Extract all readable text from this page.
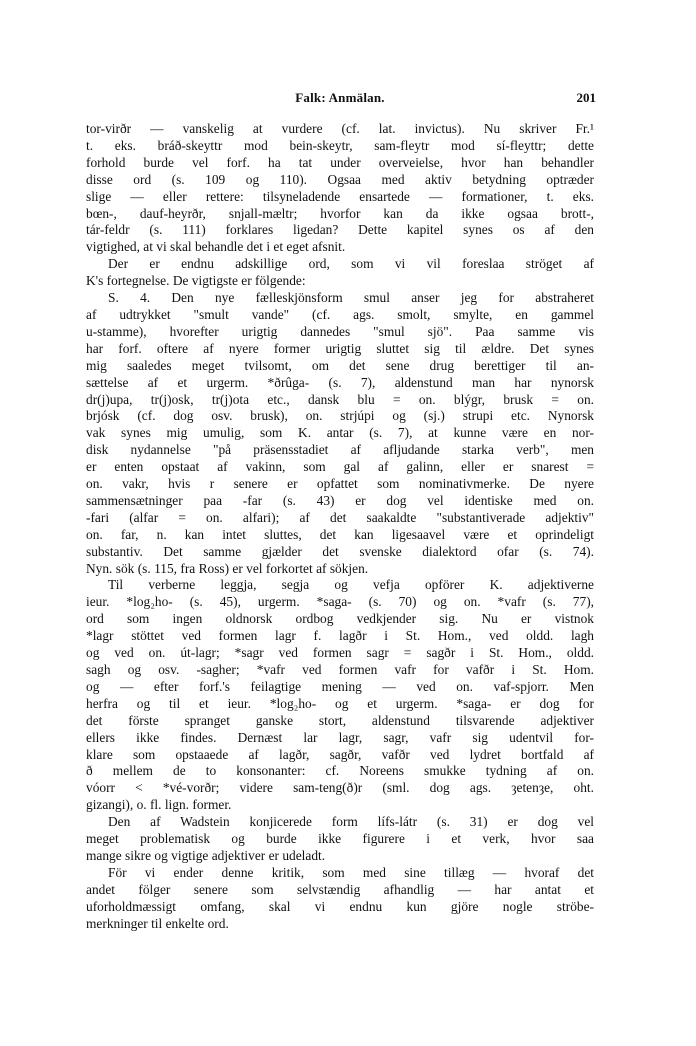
Falk: Anmälan.	201
tor-virðr — vanskelig at vurdere (cf. lat. invictus). Nu skriver Fr.¹
t. eks. bráð-skeyttr mod bein-skeytr, sam-fleytr mod sí-fleyttr; dette
forhold burde vel forf. ha tat under overveielse, hvor han behandler
disse ord (s. 109 og 110). Ogsaa med aktiv betydning optræder
slige — eller rettere: tilsyneladende ensartede — formationer, t. eks.
bœn-, dauf-heyrðr, snjall-mæltr; hvorfor kan da ikke ogsaa brott-,
tár-feldr (s. 111) forklares ligedan? Dette kapitel synes os af den
vigtighed, at vi skal behandle det i et eget afsnit.
Der er endnu adskillige ord, som vi vil foreslaa ströget af
K's fortegnelse. De vigtigste er fölgende:
S. 4. Den nye fælleskjönsform smul anser jeg for abstraheret
af udtrykket "smult vande" (cf. ags. smolt, smylte, en gammel
u-stamme), hvorefter urigtig dannedes "smul sjö". Paa samme vis
har forf. oftere af nyere former urigtig sluttet sig til ældre. Det synes
mig saaledes meget tvilsomt, om det sene drug berettiger til an-
sættelse af et urgerm. *ðrûga- (s. 7), aldenstund man har nynorsk
dr(j)upa, tr(j)osk, tr(j)ota etc., dansk blu = on. blýgr, brusk = on.
brjósk (cf. dog osv. brusk), on. strjúpi og (sj.) strupi etc. Nynorsk
vak synes mig umulig, som K. antar (s. 7), at kunne være en nor-
disk nydannelse "på präsensstadiet af afljudande starka verb", men
er enten opstaat af vakinn, som gal af galinn, eller er snarest =
on. vakr, hvis r senere er opfattet som nominativmerke. De nyere
sammensætninger paa -far (s. 43) er dog vel identiske med on.
-fari (alfar = on. alfari); af det saakaldte "substantiverade adjektiv"
on. far, n. kan intet sluttes, det kan ligesaavel være et oprindeligt
substantiv. Det samme gjælder det svenske dialektord ofar (s. 74).
Nyn. sök (s. 115, fra Ross) er vel forkortet af sökjen.
Til verberne leggja, segja og vefja opförer K. adjektiverne
ieur. *log₂ho- (s. 45), urgerm. *saga- (s. 70) og on. *vafr (s. 77),
ord som ingen oldnorsk ordbog vedkjender sig. Nu er vistnok
*lagr stöttet ved formen lagr f. lagðr i St. Hom., ved oldd. lagh
og ved on. út-lagr; *sagr ved formen sagr = sagðr i St. Hom., oldd.
sagh og osv. -sagher; *vafr ved formen vafr for vafðr i St. Hom.
og — efter forf.'s feilagtige mening — ved on. vaf-spjorr. Men
herfra og til et ieur. *log₂ho- og et urgerm. *saga- er dog for
det förste spranget ganske stort, aldenstund tilsvarende adjektiver
ellers ikke findes. Dernæst lar lagr, sagr, vafr sig udentvil for-
klare som opstaaede af lagðr, sagðr, vafðr ved lydret bortfald af
ð mellem de to konsonanter: cf. Noreens smukke tydning af on.
vóorr < *vé-vorðr; videre sam-teng(ð)r (sml. dog ags. ȝetenȝe, oht.
gizangi), o. fl. lign. former.
Den af Wadstein konjicerede form lífs-látr (s. 31) er dog vel
meget problematisk og burde ikke figurere i et verk, hvor saa
mange sikre og vigtige adjektiver er udeladt.
För vi ender denne kritik, som med sine tillæg — hvoraf det
andet fölger senere som selvstændig afhandlig — har antat et
uforholdmæssigt omfang, skal vi endnu kun gjöre nogle ströbe-
merkninger til enkelte ord.
